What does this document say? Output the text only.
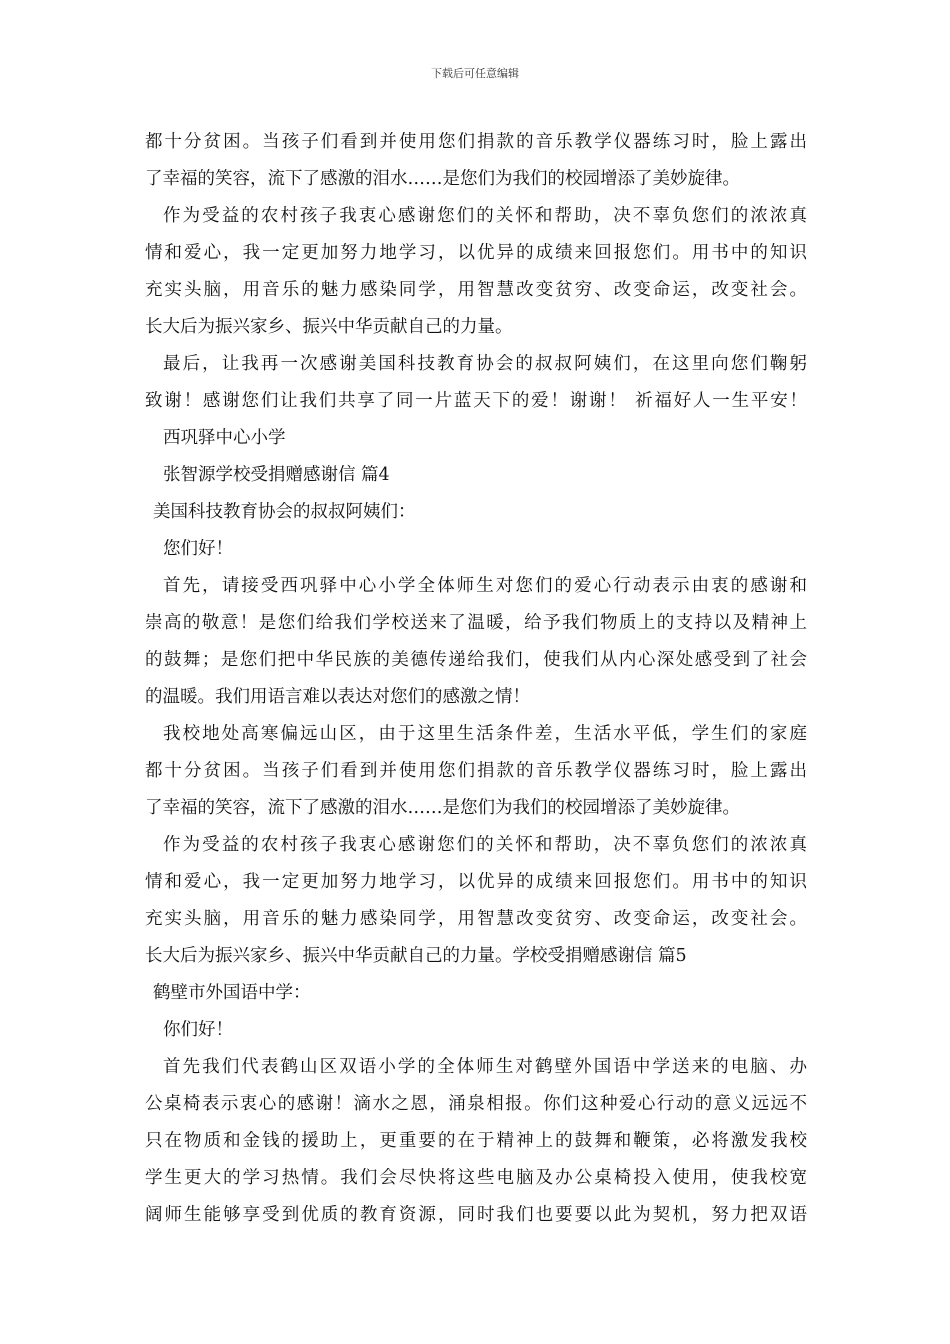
下载后可任意编辑
都十分贫困。当孩子们看到并使用您们捐款的音乐教学仪器练习时，脸上露出
了幸福的笑容，流下了感激的泪水……是您们为我们的校园增添了美妙旋律。
作为受益的农村孩子我衷心感谢您们的关怀和帮助，决不辜负您们的浓浓真
情和爱心，我一定更加努力地学习，以优异的成绩来回报您们。用书中的知识
充实头脑，用音乐的魅力感染同学，用智慧改变贫穷、改变命运，改变社会。
长大后为振兴家乡、振兴中华贡献自己的力量。
最后，让我再一次感谢美国科技教育协会的叔叔阿姨们，在这里向您们鞠躬
致谢！感谢您们让我们共享了同一片蓝天下的爱！谢谢！ 祈福好人一生平安！
西巩驿中心小学
张智源学校受捐赠感谢信 篇4
美国科技教育协会的叔叔阿姨们：
您们好！
首先，请接受西巩驿中心小学全体师生对您们的爱心行动表示由衷的感谢和
崇高的敬意！是您们给我们学校送来了温暖，给予我们物质上的支持以及精神上
的鼓舞；是您们把中华民族的美德传递给我们，使我们从内心深处感受到了社会
的温暖。我们用语言难以表达对您们的感激之情！
我校地处高寒偏远山区，由于这里生活条件差，生活水平低，学生们的家庭
都十分贫困。当孩子们看到并使用您们捐款的音乐教学仪器练习时，脸上露出
了幸福的笑容，流下了感激的泪水……是您们为我们的校园增添了美妙旋律。
作为受益的农村孩子我衷心感谢您们的关怀和帮助，决不辜负您们的浓浓真
情和爱心，我一定更加努力地学习，以优异的成绩来回报您们。用书中的知识
充实头脑，用音乐的魅力感染同学，用智慧改变贫穷、改变命运，改变社会。
长大后为振兴家乡、振兴中华贡献自己的力量。学校受捐赠感谢信 篇5
鹤壁市外国语中学：
你们好！
首先我们代表鹤山区双语小学的全体师生对鹤壁外国语中学送来的电脑、办
公桌椅表示衷心的感谢！滴水之恩，涌泉相报。你们这种爱心行动的意义远远不
只在物质和金钱的援助上，更重要的在于精神上的鼓舞和鞭策，必将激发我校
学生更大的学习热情。我们会尽快将这些电脑及办公桌椅投入使用，使我校宽
阔师生能够享受到优质的教育资源，同时我们也要要以此为契机，努力把双语
